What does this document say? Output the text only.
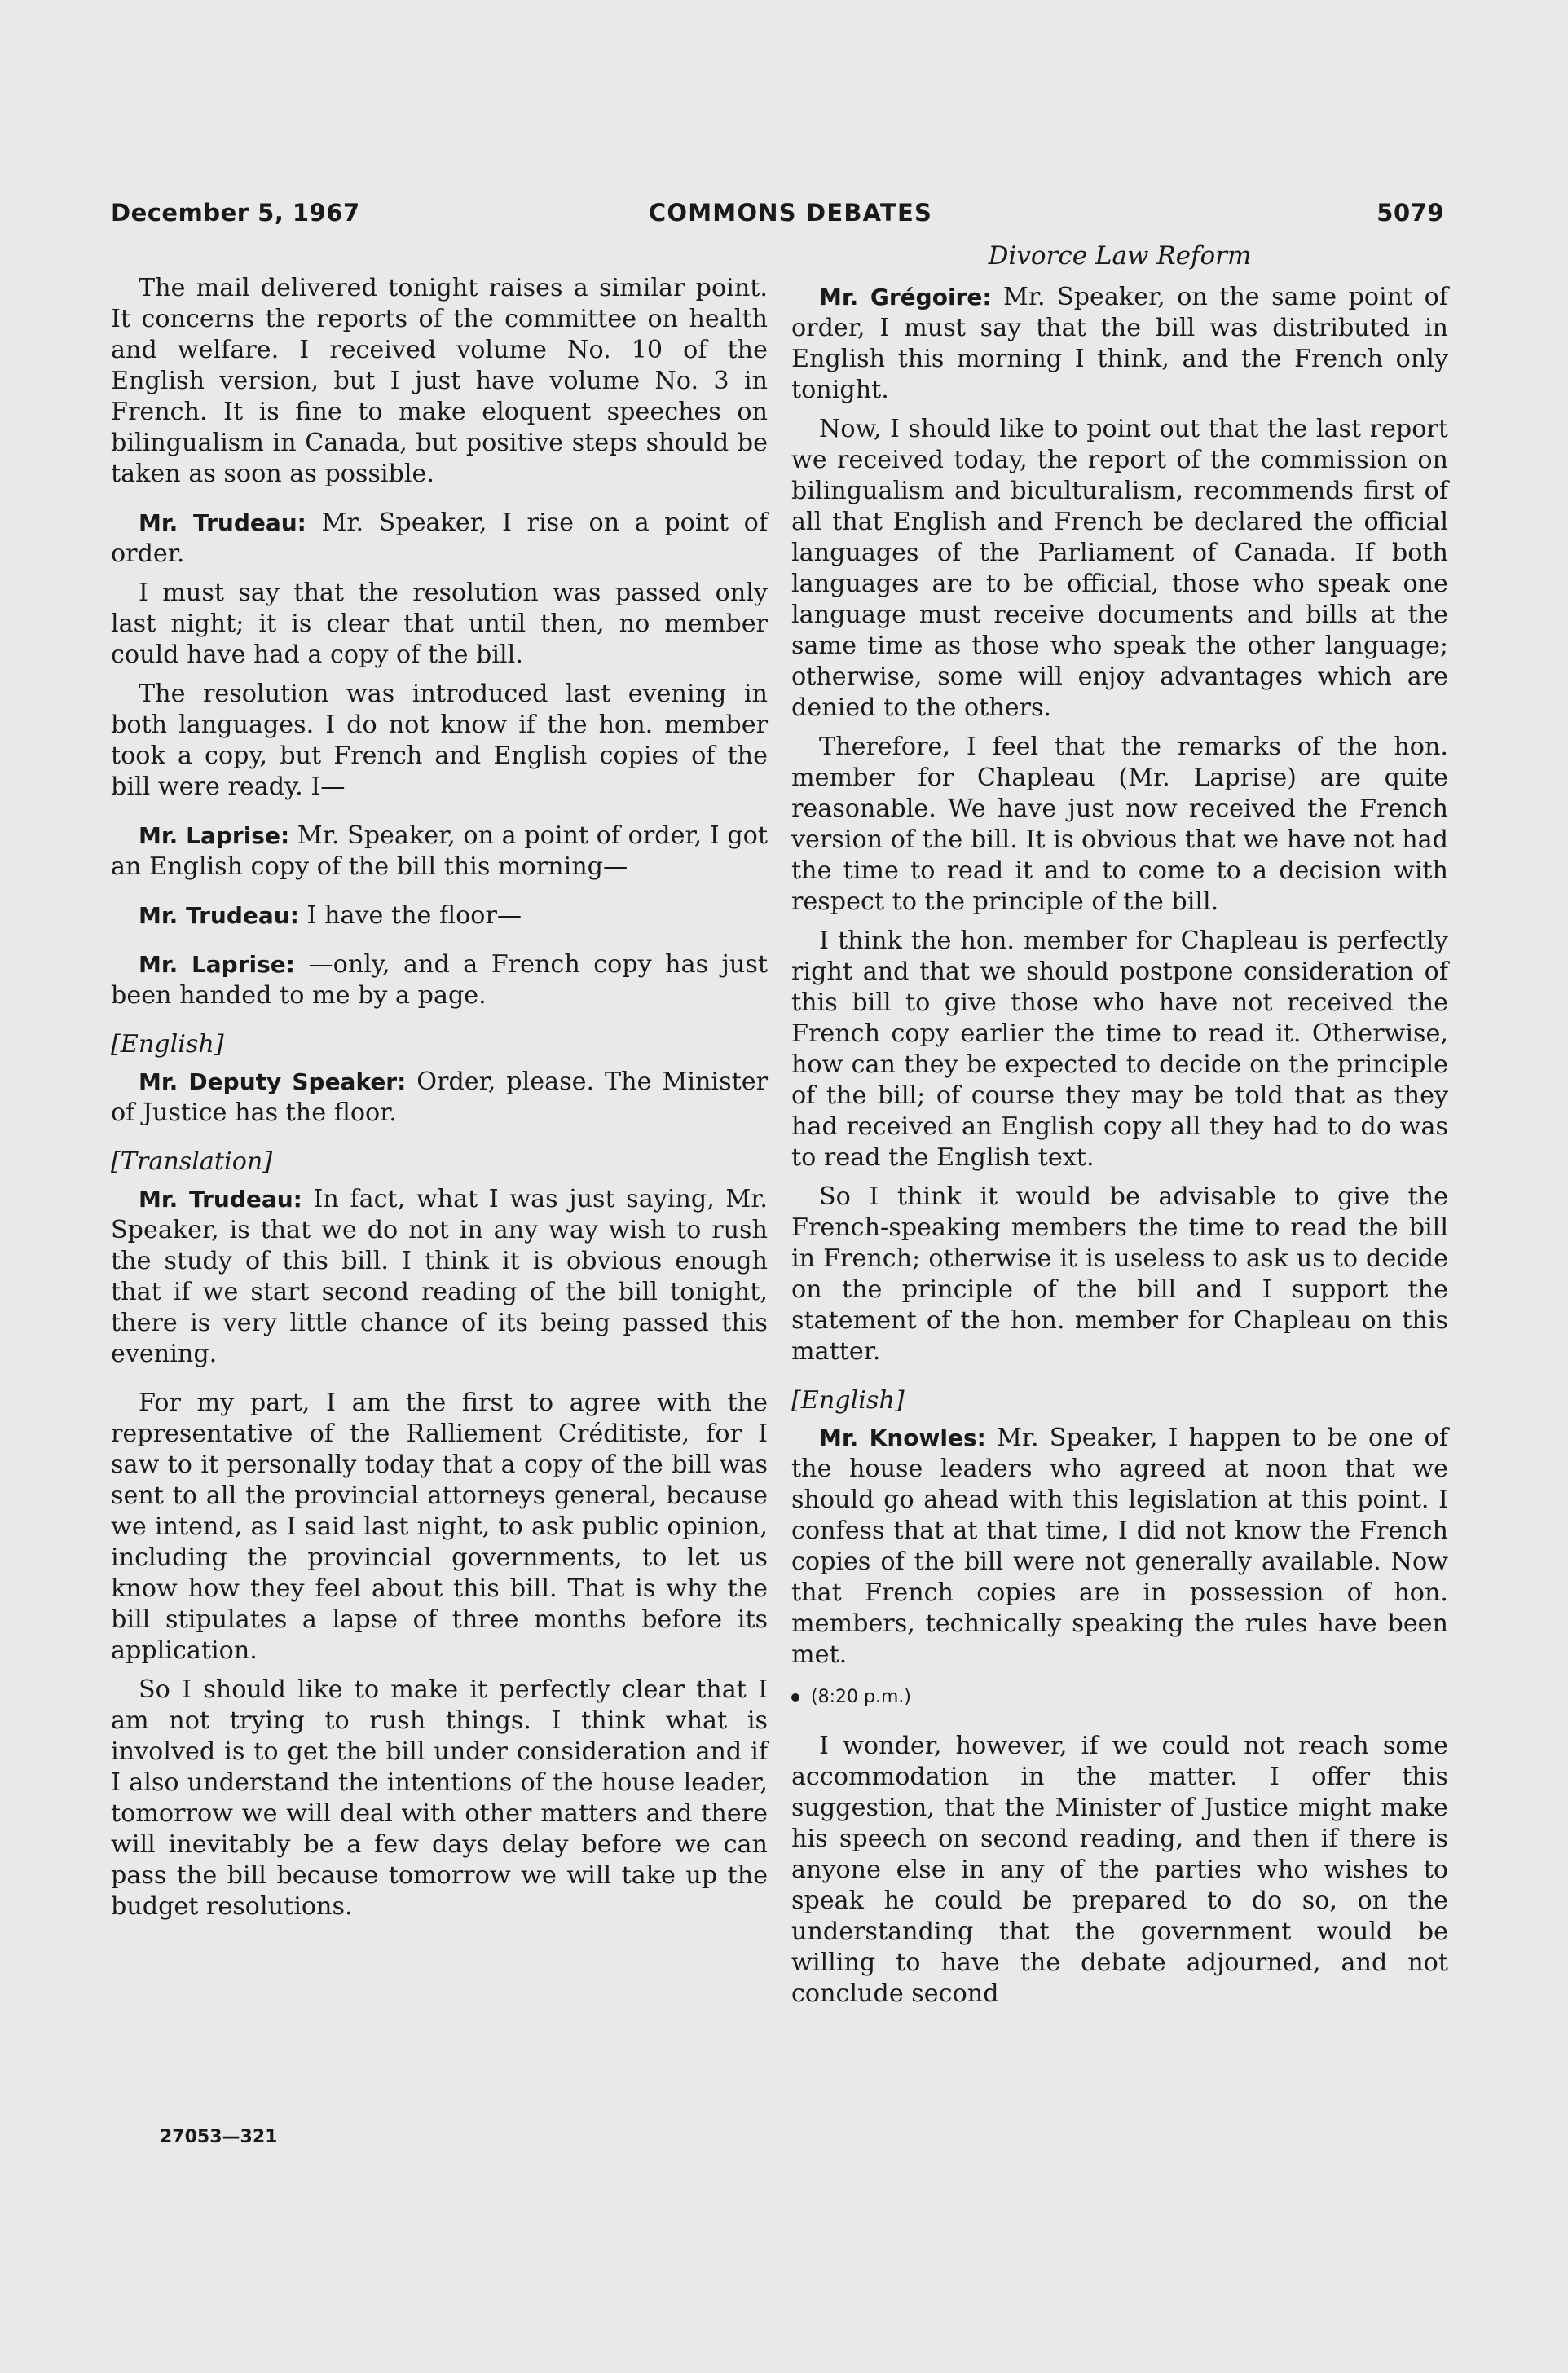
December 5, 1967	COMMONS DEBATES	5079
Divorce Law Reform

The mail delivered tonight raises a similar point. It concerns the reports of the committee on health and welfare. I received volume No. 10 of the English version, but I just have volume No. 3 in French. It is fine to make eloquent speeches on bilingualism in Canada, but positive steps should be taken as soon as possible.

Mr. Trudeau: Mr. Speaker, I rise on a point of order.

I must say that the resolution was passed only last night; it is clear that until then, no member could have had a copy of the bill.

The resolution was introduced last evening in both languages. I do not know if the hon. member took a copy, but French and English copies of the bill were ready. I—

Mr. Laprise: Mr. Speaker, on a point of order, I got an English copy of the bill this morning—

Mr. Trudeau: I have the floor—

Mr. Laprise: —only, and a French copy has just been handed to me by a page.

[English]

Mr. Deputy Speaker: Order, please. The Minister of Justice has the floor.

[Translation]

Mr. Trudeau: In fact, what I was just saying, Mr. Speaker, is that we do not in any way wish to rush the study of this bill. I think it is obvious enough that if we start second reading of the bill tonight, there is very little chance of its being passed this evening.

For my part, I am the first to agree with the representative of the Ralliement Créditiste, for I saw to it personally today that a copy of the bill was sent to all the provincial attorneys general, because we intend, as I said last night, to ask public opinion, including the provincial governments, to let us know how they feel about this bill. That is why the bill stipulates a lapse of three months before its application.

So I should like to make it perfectly clear that I am not trying to rush things. I think what is involved is to get the bill under consideration and if I also understand the intentions of the house leader, tomorrow we will deal with other matters and there will inevitably be a few days delay before we can pass the bill because tomorrow we will take up the budget resolutions.

Mr. Grégoire: Mr. Speaker, on the same point of order, I must say that the bill was distributed in English this morning I think, and the French only tonight.

Now, I should like to point out that the last report we received today, the report of the commission on bilingualism and biculturalism, recommends first of all that English and French be declared the official languages of the Parliament of Canada. If both languages are to be official, those who speak one language must receive documents and bills at the same time as those who speak the other language; otherwise, some will enjoy advantages which are denied to the others.

Therefore, I feel that the remarks of the hon. member for Chapleau (Mr. Laprise) are quite reasonable. We have just now received the French version of the bill. It is obvious that we have not had the time to read it and to come to a decision with respect to the principle of the bill.

I think the hon. member for Chapleau is perfectly right and that we should postpone consideration of this bill to give those who have not received the French copy earlier the time to read it. Otherwise, how can they be expected to decide on the principle of the bill; of course they may be told that as they had received an English copy all they had to do was to read the English text.

So I think it would be advisable to give the French-speaking members the time to read the bill in French; otherwise it is useless to ask us to decide on the principle of the bill and I support the statement of the hon. member for Chapleau on this matter.

[English]

Mr. Knowles: Mr. Speaker, I happen to be one of the house leaders who agreed at noon that we should go ahead with this legislation at this point. I confess that at that time, I did not know the French copies of the bill were not generally available. Now that French copies are in possession of hon. members, technically speaking the rules have been met.

(8:20 p.m.)

I wonder, however, if we could not reach some accommodation in the matter. I offer this suggestion, that the Minister of Justice might make his speech on second reading, and then if there is anyone else in any of the parties who wishes to speak he could be prepared to do so, on the understanding that the government would be willing to have the debate adjourned, and not conclude second

27053—321
